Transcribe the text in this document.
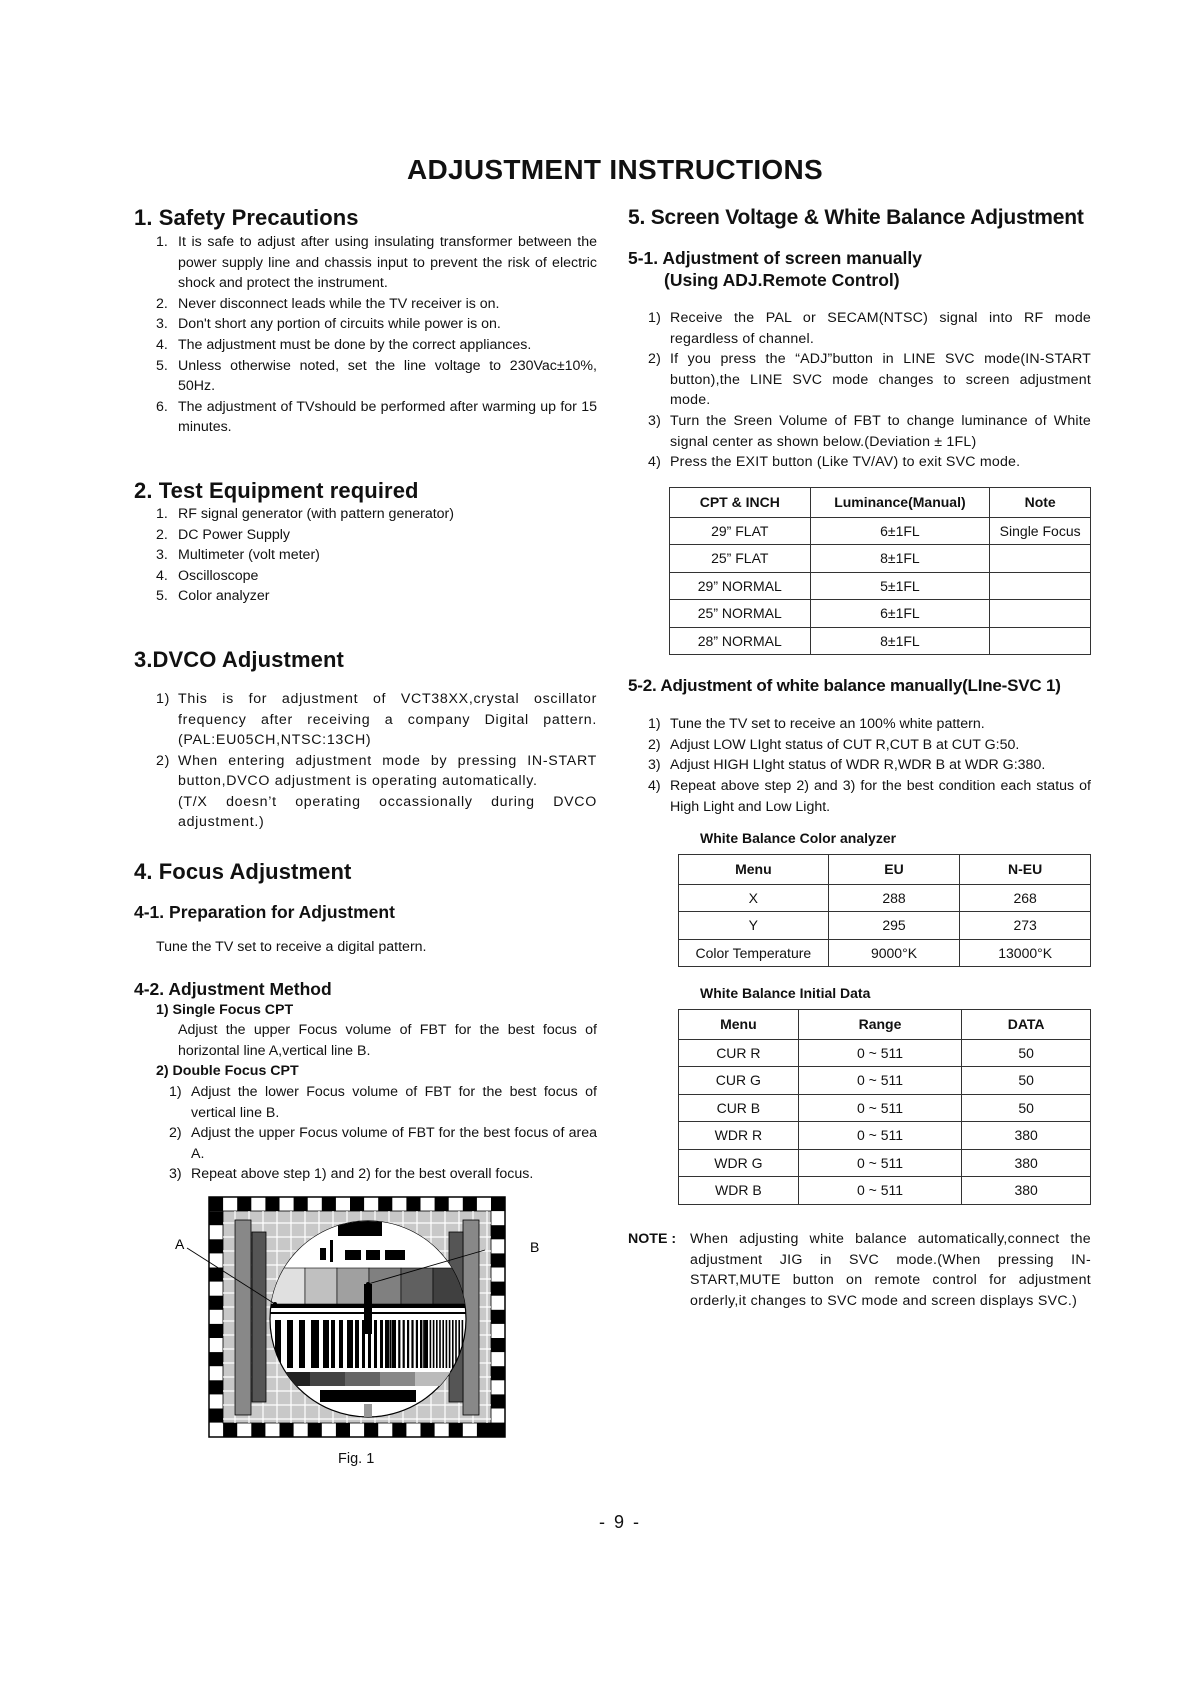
ADJUSTMENT INSTRUCTIONS
1. Safety Precautions
1. It is safe to adjust after using insulating transformer between the power supply line and chassis input to prevent the risk of electric shock and protect the instrument.
2. Never disconnect leads while the TV receiver is on.
3. Don't short any portion of circuits while power is on.
4. The adjustment must be done by the correct appliances.
5. Unless otherwise noted, set the line voltage to 230Vac±10%, 50Hz.
6. The adjustment of TVshould be performed after warming up for 15 minutes.
2. Test Equipment required
1. RF signal generator (with pattern generator)
2. DC Power Supply
3. Multimeter (volt meter)
4. Oscilloscope
5. Color analyzer
3.DVCO Adjustment
1) This is for adjustment of VCT38XX,crystal oscillator frequency after receiving a company Digital pattern.(PAL:EU05CH,NTSC:13CH)
2) When entering adjustment mode by pressing IN-START button,DVCO adjustment is operating automatically.
(T/X doesn’t operating occassionally during DVCO adjustment.)
4. Focus Adjustment
4-1. Preparation for Adjustment
Tune the TV set to receive a digital pattern.
4-2. Adjustment Method
1) Single Focus CPT
Adjust the upper Focus volume of FBT for the best focus of horizontal line A,vertical line B.
2) Double Focus CPT
1) Adjust the lower Focus volume of FBT for the best focus of vertical line B.
2) Adjust the upper Focus volume of FBT for the best focus of area A.
3) Repeat above step 1) and 2) for the best overall focus.
A	B
Fig. 1
5. Screen Voltage & White Balance Adjustment
5-1. Adjustment of screen manually
(Using ADJ.Remote Control)
1) Receive the PAL or SECAM(NTSC) signal into RF mode regardless of channel.
2) If you press the “ADJ”button in LINE SVC mode(IN-START button),the LINE SVC mode changes to screen adjustment mode.
3) Turn the Sreen Volume of FBT to change luminance of White signal center as shown below.(Deviation ± 1FL)
4) Press the EXIT button (Like TV/AV) to exit SVC mode.
CPT & INCH	Luminance(Manual)	Note
29” FLAT	6±1FL	Single Focus
25” FLAT	8±1FL	
29” NORMAL	5±1FL	
25” NORMAL	6±1FL	
28” NORMAL	8±1FL	
5-2. Adjustment of white balance manually(LIne-SVC 1)
1) Tune the TV set to receive an 100% white pattern.
2) Adjust LOW LIght status of CUT R,CUT B at CUT G:50.
3) Adjust HIGH LIght status of WDR R,WDR B at WDR G:380.
4) Repeat above step 2) and 3) for the best condition each status of High Light and Low Light.
White Balance Color analyzer
Menu	EU	N-EU
X	288	268
Y	295	273
Color Temperature	9000°K	13000°K
White Balance Initial Data
Menu	Range	DATA
CUR R	0 ~ 511	50
CUR G	0 ~ 511	50
CUR B	0 ~ 511	50
WDR R	0 ~ 511	380
WDR G	0 ~ 511	380
WDR B	0 ~ 511	380
NOTE : When adjusting white balance automatically,connect the adjustment JIG in SVC mode.(When pressing IN-START,MUTE button on remote control for adjustment orderly,it changes to SVC mode and screen displays SVC.)
- 9 -
